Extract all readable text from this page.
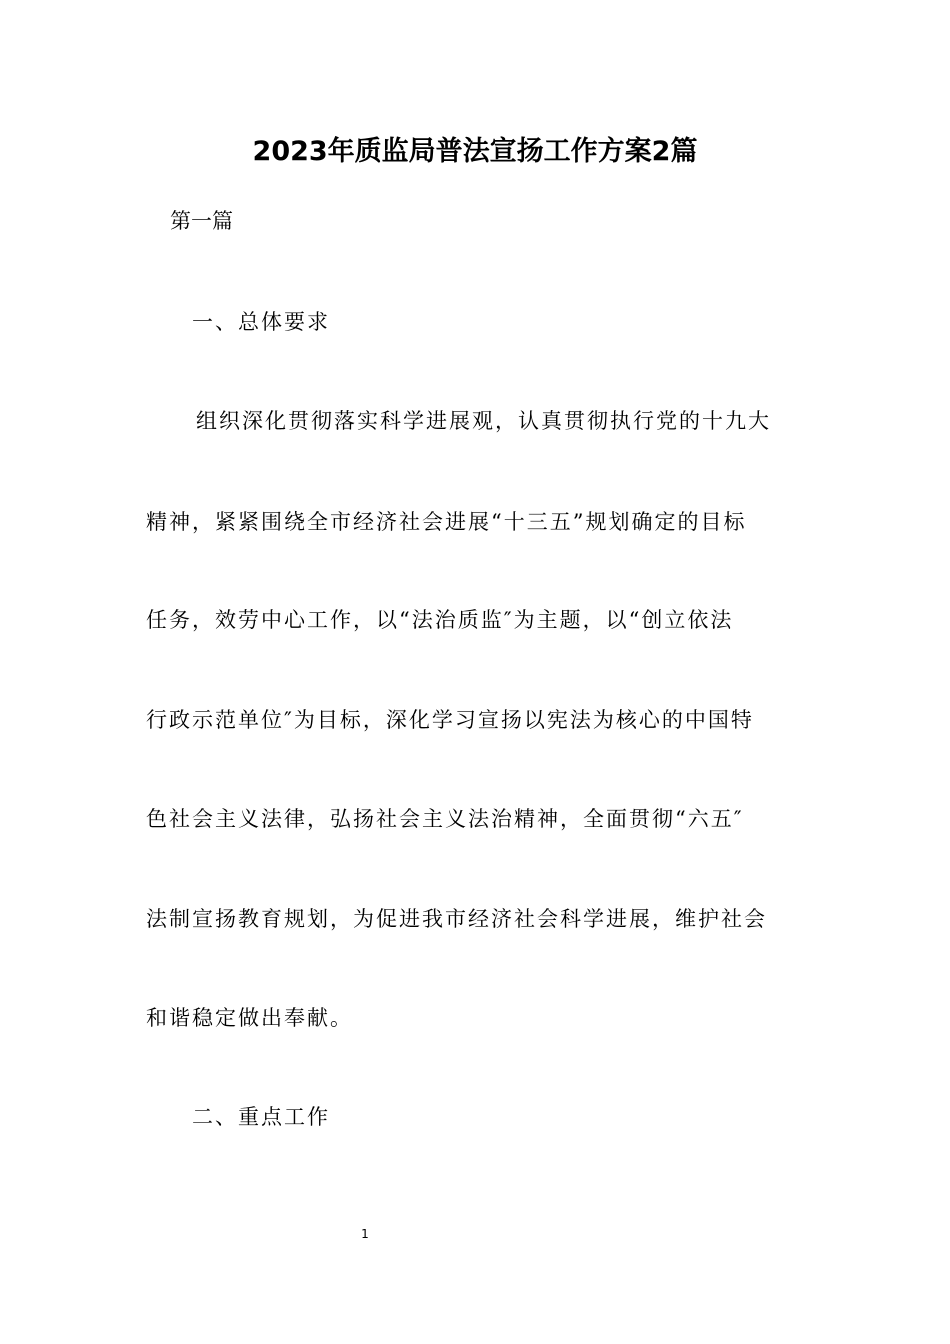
2023年质监局普法宣扬工作方案2篇
第一篇
一、总体要求
组织深化贯彻落实科学进展观，认真贯彻执行党的十九大
精神，紧紧围绕全市经济社会进展“十三五”规划确定的目标
任务，效劳中心工作，以“法治质监″为主题，以“创立依法
行政示范单位″为目标，深化学习宣扬以宪法为核心的中国特
色社会主义法律，弘扬社会主义法治精神，全面贯彻“六五″
法制宣扬教育规划，为促进我市经济社会科学进展，维护社会
和谐稳定做出奉献。
二、重点工作
1
